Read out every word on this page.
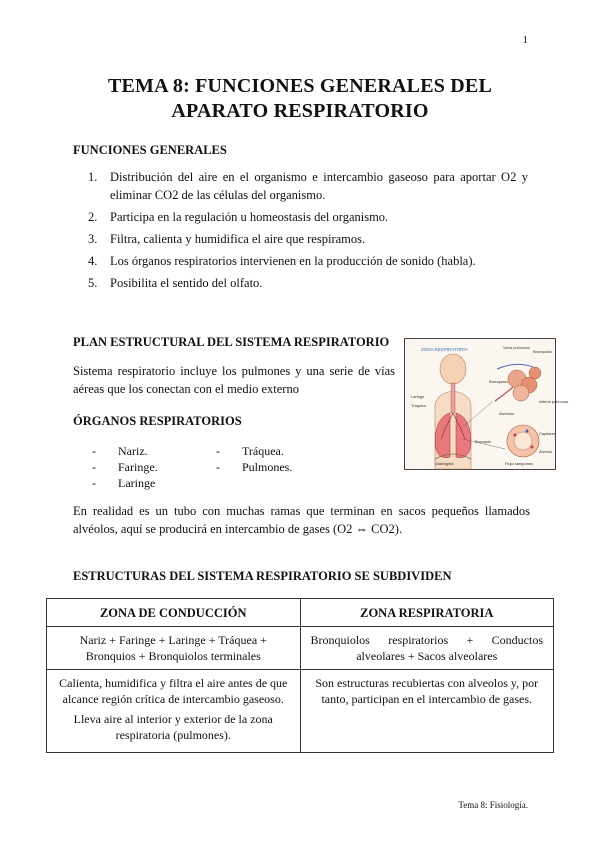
1
TEMA 8: FUNCIONES GENERALES DEL
APARATO RESPIRATORIO
FUNCIONES GENERALES
1.	Distribución del aire en el organismo e intercambio gaseoso para aportar O2 y eliminar CO2 de las células del organismo.
2.	Participa en la regulación u homeostasis del organismo.
3.	Filtra, calienta y humidifica el aire que respiramos.
4.	Los órganos respiratorios intervienen en la producción de sonido (habla).
5.	Posibilita el sentido del olfato.
PLAN ESTRUCTURAL DEL SISTEMA RESPIRATORIO
Sistema respiratorio incluye los pulmones y una serie de vías aéreas que los conectan con el medio externo
ÓRGANOS RESPIRATORIOS
-	Nariz.
-	Faringe.
-	Laringe
-	Tráquea.
-	Pulmones.
ZONA RESPIRATORIA	Vena pulmonar
Bronquiolo
Bronquiolo
Arteria pulmonar
Laringe
Tráquea
Bronquio
Alvéolos
Diafragma
Capilares
Alvéolo
Flujo sanguíneo
En realidad es un tubo con muchas ramas que terminan en sacos pequeños llamados alvéolos, aquí se producirá en intercambio de gases (O2 ⇔ CO2).
ESTRUCTURAS DEL SISTEMA RESPIRATORIO SE SUBDIVIDEN
ZONA DE CONDUCCIÓN	ZONA RESPIRATORIA
Nariz + Faringe + Laringe + Tráquea + Bronquios + Bronquiolos terminales	Bronquiolos respiratorios + Conductos alveolares + Sacos alveolares

Calienta, humidifica y filtra el aire antes de que alcance región crítica de intercambio gaseoso.

Lleva aire al interior y exterior de la zona respiratoria (pulmones).	Son estructuras recubiertas con alveolos y, por tanto, participan en el intercambio de gases.
Tema 8: Fisiología.
